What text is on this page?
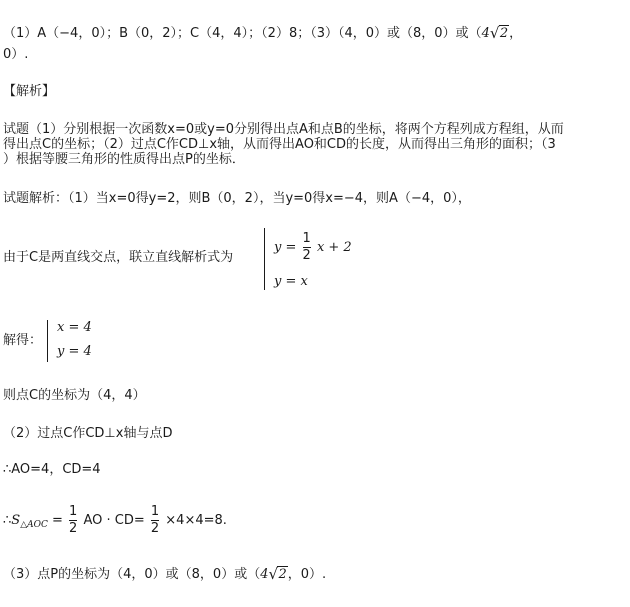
（1）A（−4，0）；B（0，2）；C（4，4）；（2）8；（3）（4，0）或（8，0）或（4 √ 2，
0）.
【解析】
试题（1）分别根据一次函数x=0或y=0分别得出点A和点B的坐标，将两个方程列成方程组，从而
得出点C的坐标；（2）过点C作CD⊥x轴，从而得出AO和CD的长度，从而得出三角形的面积；（3
）根据等腰三角形的性质得出点P的坐标．
试题解析：（1）当x=0得y=2，则B（0，2），当y=0得x=−4，则A（−4，0），
由于C是两直线交点，联立直线解析式为
$y = \frac{1}{2}$ x + 2
y = x
解得：
x = 4
y = 4
则点C的坐标为（4，4）
（2）过点C作CD⊥x轴与点D
∴AO=4，CD=4
$\therefore S_{\triangle AOC} = \frac{1}{2}$ AO · $CD= \frac{1}{2} \times 4\times 4=8$.
（3）点P的坐标为（4，0）或（8，0）或（4 √ 2，0）.
